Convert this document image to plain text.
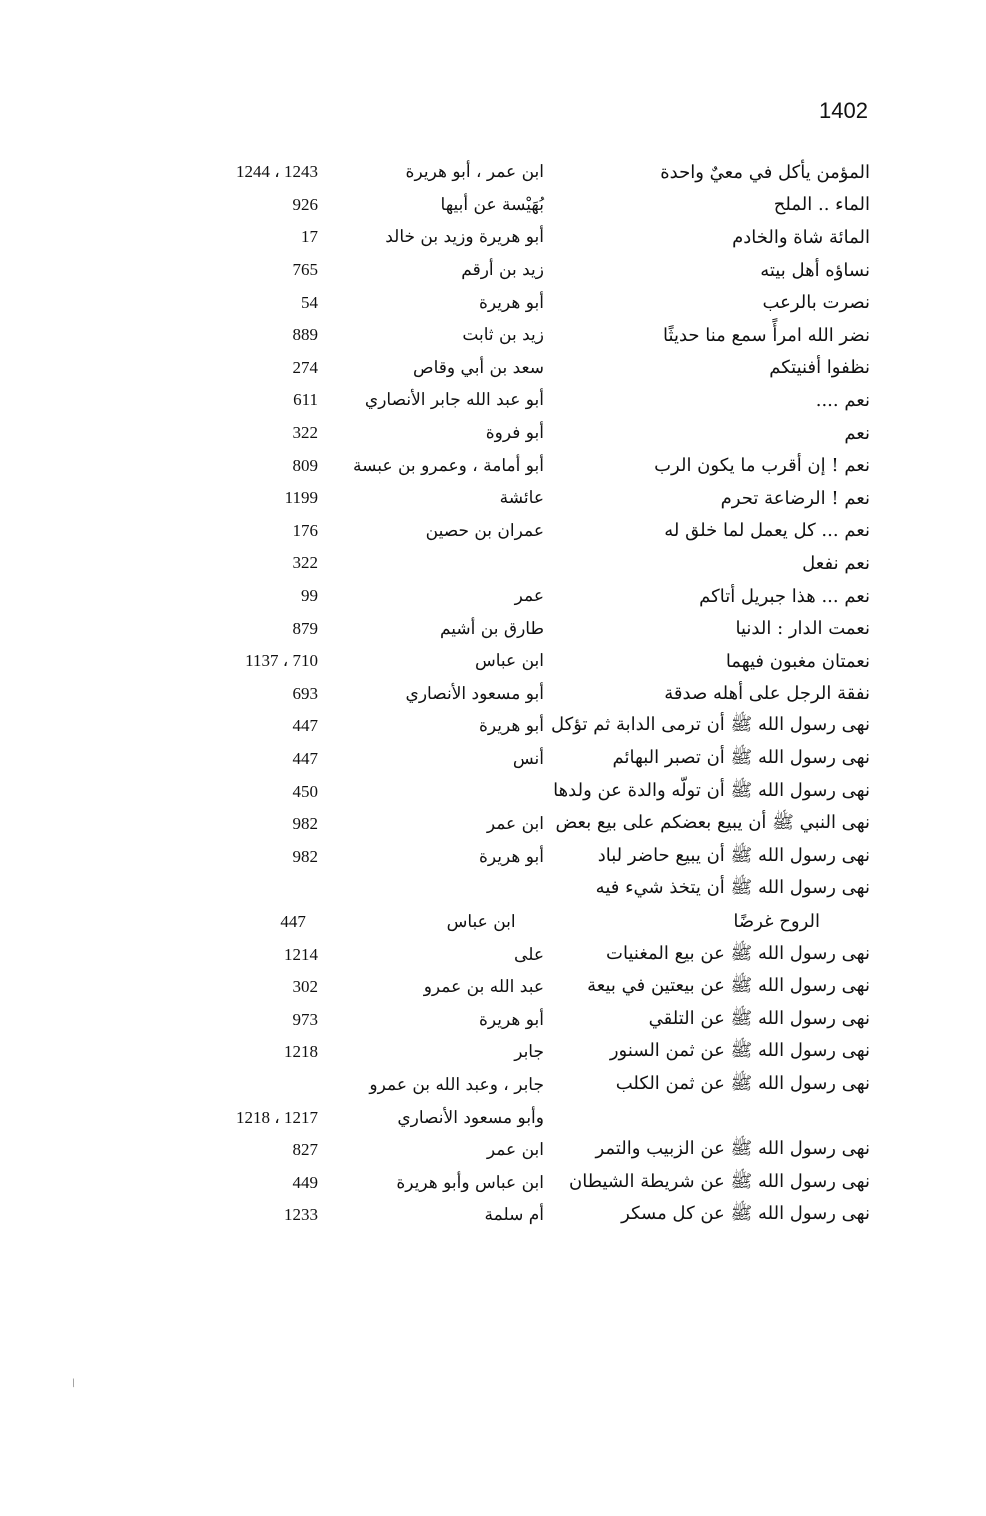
1402
المؤمن يأكل في معيٌ واحدة
ابن عمر ، أبو هريرة
1243 ، 1244
الماء .. الملح
بُهَيْسة عن أبيها
926
المائة شاة والخادم
أبو هريرة وزيد بن خالد
17
نساؤه أهل بيته
زيد بن أرقم
765
نصرت بالرعب
أبو هريرة
54
نضر الله امرأً سمع منا حديثًا
زيد بن ثابت
889
نظفوا أفنيتكم
سعد بن أبي وقاص
274
نعم ....
أبو عبد الله جابر الأنصاري
611
نعم
أبو فروة
322
نعم ! إن أقرب ما يكون الرب
أبو أمامة ، وعمرو بن عبسة
809
نعم ! الرضاعة تحرم
عائشة
1199
نعم ... كل يعمل لما خلق له
عمران بن حصين
176
نعم نفعل
322
نعم ... هذا جبريل أتاكم
عمر
99
نعمت الدار : الدنيا
طارق بن أشيم
879
نعمتان مغبون فيهما
ابن عباس
710 ، 1137
نفقة الرجل على أهله صدقة
أبو مسعود الأنصاري
693
نهى رسول الله ﷺ أن ترمى الدابة ثم تؤكل
أبو هريرة
447
نهى رسول الله ﷺ أن تصبر البهائم
أنس
447
نهى رسول الله ﷺ أن تولّه والدة عن ولدها
450
نهى النبي ﷺ أن يبيع بعضكم على بيع بعض
ابن عمر
982
نهى رسول الله ﷺ أن يبيع حاضر لباد
أبو هريرة
982
نهى رسول الله ﷺ أن يتخذ شيء فيه
الروح غرضًا
ابن عباس
447
نهى رسول الله ﷺ عن بيع المغنيات
على
1214
نهى رسول الله ﷺ عن بيعتين في بيعة
عبد الله بن عمرو
302
نهى رسول الله ﷺ عن التلقي
أبو هريرة
973
نهى رسول الله ﷺ عن ثمن السنور
جابر
1218
نهى رسول الله ﷺ عن ثمن الكلب
جابر ، وعبد الله بن عمرو
وأبو مسعود الأنصاري
1217 ، 1218
نهى رسول الله ﷺ عن الزبيب والتمر
ابن عمر
827
نهى رسول الله ﷺ عن شريطة الشيطان
ابن عباس وأبو هريرة
449
نهى رسول الله ﷺ عن كل مسكر
أم سلمة
1233
/
